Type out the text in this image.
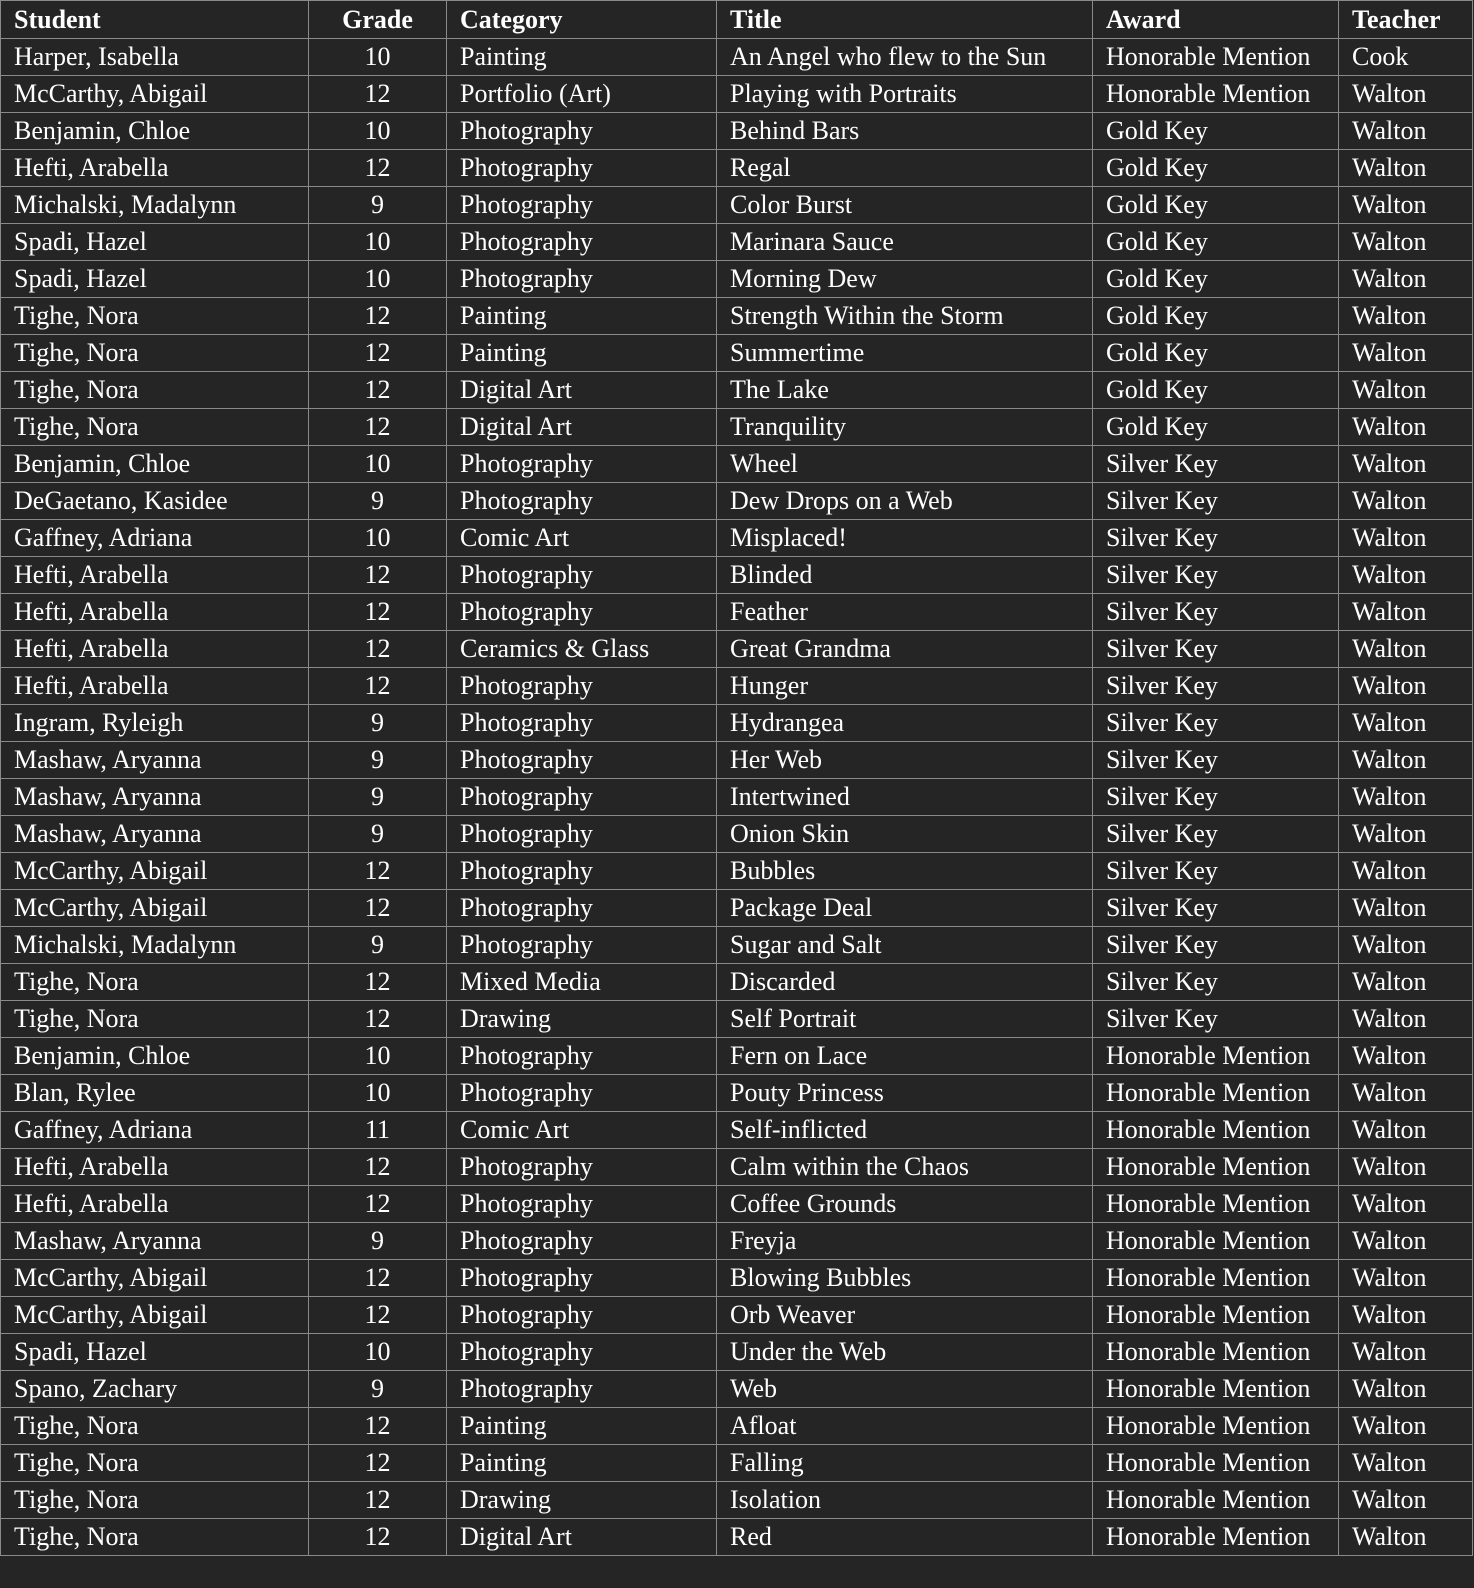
Student	Grade	Category	Title	Award	Teacher
Harper, Isabella	10	Painting	An Angel who flew to the Sun	Honorable Mention	Cook
McCarthy, Abigail	12	Portfolio (Art)	Playing with Portraits	Honorable Mention	Walton
Benjamin, Chloe	10	Photography	Behind Bars	Gold Key	Walton
Hefti, Arabella	12	Photography	Regal	Gold Key	Walton
Michalski, Madalynn	9	Photography	Color Burst	Gold Key	Walton
Spadi, Hazel	10	Photography	Marinara Sauce	Gold Key	Walton
Spadi, Hazel	10	Photography	Morning Dew	Gold Key	Walton
Tighe, Nora	12	Painting	Strength Within the Storm	Gold Key	Walton
Tighe, Nora	12	Painting	Summertime	Gold Key	Walton
Tighe, Nora	12	Digital Art	The Lake	Gold Key	Walton
Tighe, Nora	12	Digital Art	Tranquility	Gold Key	Walton
Benjamin, Chloe	10	Photography	Wheel	Silver Key	Walton
DeGaetano, Kasidee	9	Photography	Dew Drops on a Web	Silver Key	Walton
Gaffney, Adriana	10	Comic Art	Misplaced!	Silver Key	Walton
Hefti, Arabella	12	Photography	Blinded	Silver Key	Walton
Hefti, Arabella	12	Photography	Feather	Silver Key	Walton
Hefti, Arabella	12	Ceramics & Glass	Great Grandma	Silver Key	Walton
Hefti, Arabella	12	Photography	Hunger	Silver Key	Walton
Ingram, Ryleigh	9	Photography	Hydrangea	Silver Key	Walton
Mashaw, Aryanna	9	Photography	Her Web	Silver Key	Walton
Mashaw, Aryanna	9	Photography	Intertwined	Silver Key	Walton
Mashaw, Aryanna	9	Photography	Onion Skin	Silver Key	Walton
McCarthy, Abigail	12	Photography	Bubbles	Silver Key	Walton
McCarthy, Abigail	12	Photography	Package Deal	Silver Key	Walton
Michalski, Madalynn	9	Photography	Sugar and Salt	Silver Key	Walton
Tighe, Nora	12	Mixed Media	Discarded	Silver Key	Walton
Tighe, Nora	12	Drawing	Self Portrait	Silver Key	Walton
Benjamin, Chloe	10	Photography	Fern on Lace	Honorable Mention	Walton
Blan, Rylee	10	Photography	Pouty Princess	Honorable Mention	Walton
Gaffney, Adriana	11	Comic Art	Self-inflicted	Honorable Mention	Walton
Hefti, Arabella	12	Photography	Calm within the Chaos	Honorable Mention	Walton
Hefti, Arabella	12	Photography	Coffee Grounds	Honorable Mention	Walton
Mashaw, Aryanna	9	Photography	Freyja	Honorable Mention	Walton
McCarthy, Abigail	12	Photography	Blowing Bubbles	Honorable Mention	Walton
McCarthy, Abigail	12	Photography	Orb Weaver	Honorable Mention	Walton
Spadi, Hazel	10	Photography	Under the Web	Honorable Mention	Walton
Spano, Zachary	9	Photography	Web	Honorable Mention	Walton
Tighe, Nora	12	Painting	Afloat	Honorable Mention	Walton
Tighe, Nora	12	Painting	Falling	Honorable Mention	Walton
Tighe, Nora	12	Drawing	Isolation	Honorable Mention	Walton
Tighe, Nora	12	Digital Art	Red	Honorable Mention	Walton
